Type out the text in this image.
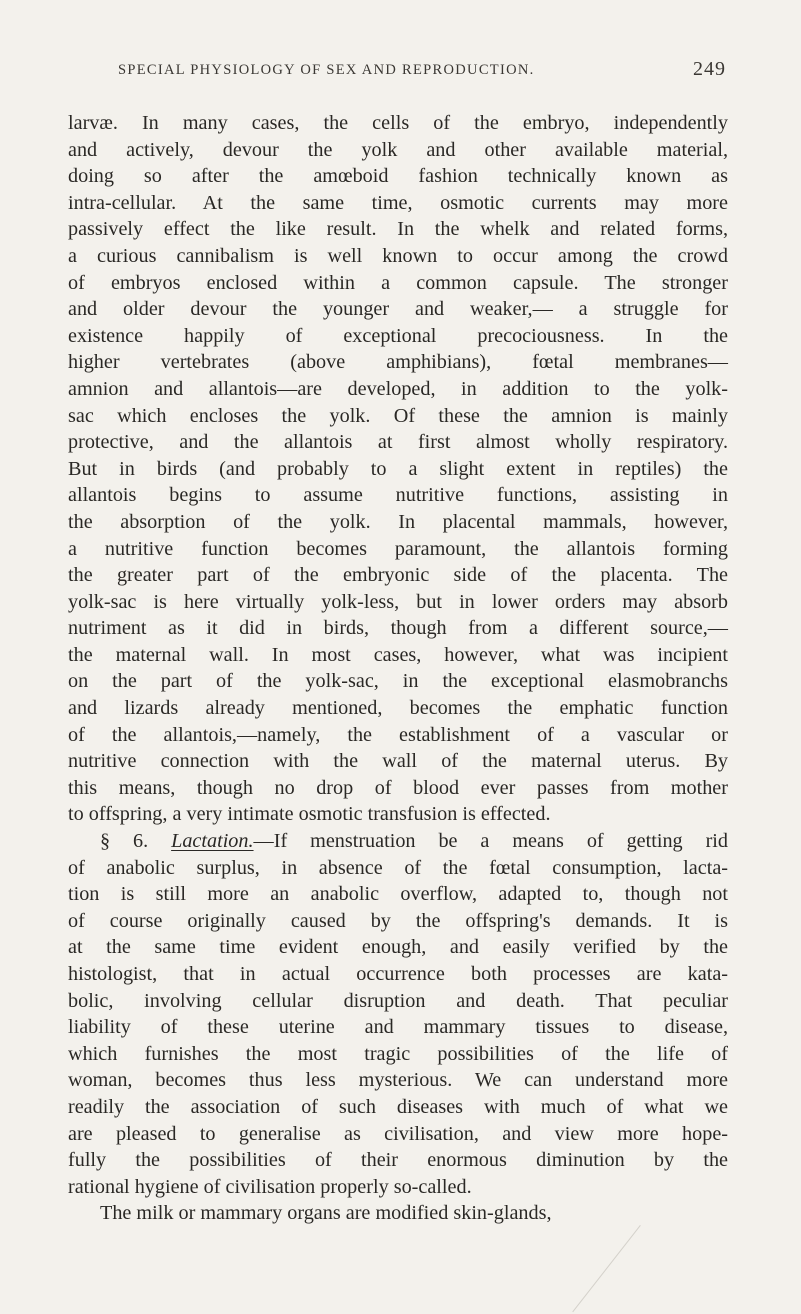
SPECIAL PHYSIOLOGY OF SEX AND REPRODUCTION.	249
larvæ. In many cases, the cells of the embryo, independently
and actively, devour the yolk and other available material,
doing so after the amœboid fashion technically known as
intra-cellular. At the same time, osmotic currents may more
passively effect the like result. In the whelk and related forms,
a curious cannibalism is well known to occur among the crowd
of embryos enclosed within a common capsule. The stronger
and older devour the younger and weaker,— a struggle for
existence happily of exceptional precociousness. In the
higher vertebrates (above amphibians), fœtal membranes—
amnion and allantois—are developed, in addition to the yolk-
sac which encloses the yolk. Of these the amnion is mainly
protective, and the allantois at first almost wholly respiratory.
But in birds (and probably to a slight extent in reptiles) the
allantois begins to assume nutritive functions, assisting in
the absorption of the yolk. In placental mammals, however,
a nutritive function becomes paramount, the allantois forming
the greater part of the embryonic side of the placenta. The
yolk-sac is here virtually yolk-less, but in lower orders may absorb
nutriment as it did in birds, though from a different source,—
the maternal wall. In most cases, however, what was incipient
on the part of the yolk-sac, in the exceptional elasmobranchs
and lizards already mentioned, becomes the emphatic function
of the allantois,—namely, the establishment of a vascular or
nutritive connection with the wall of the maternal uterus. By
this means, though no drop of blood ever passes from mother
to offspring, a very intimate osmotic transfusion is effected.
§ 6. Lactation.—If menstruation be a means of getting rid
of anabolic surplus, in absence of the fœtal consumption, lacta-
tion is still more an anabolic overflow, adapted to, though not
of course originally caused by the offspring's demands. It is
at the same time evident enough, and easily verified by the
histologist, that in actual occurrence both processes are kata-
bolic, involving cellular disruption and death. That peculiar
liability of these uterine and mammary tissues to disease,
which furnishes the most tragic possibilities of the life of
woman, becomes thus less mysterious. We can understand more
readily the association of such diseases with much of what we
are pleased to generalise as civilisation, and view more hope-
fully the possibilities of their enormous diminution by the
rational hygiene of civilisation properly so-called.
The milk or mammary organs are modified skin-glands,
